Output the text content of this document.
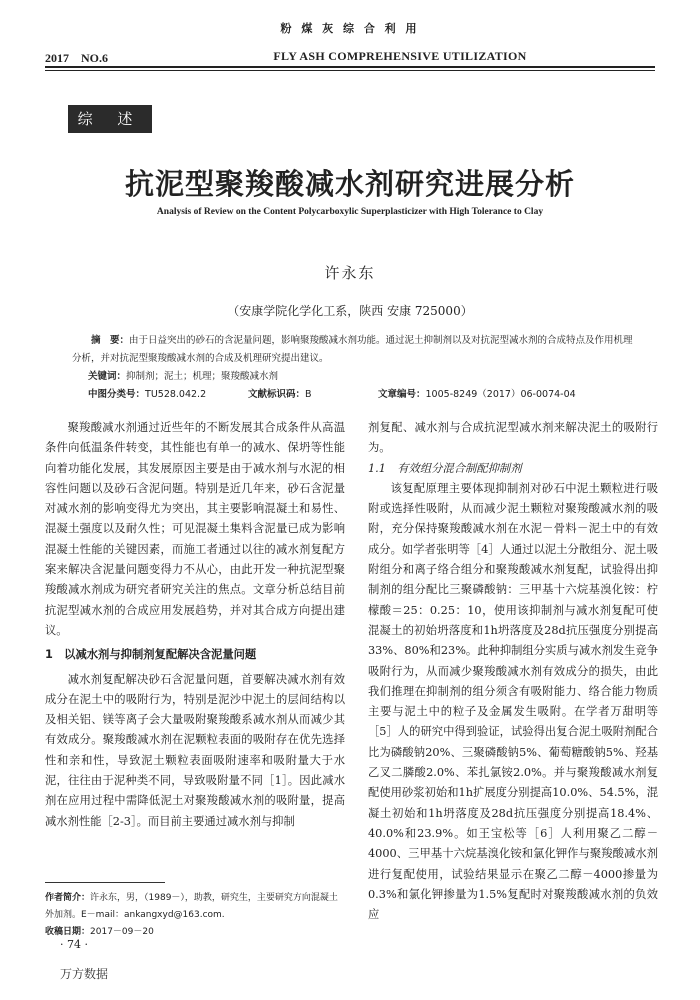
粉 煤 灰 综 合 利 用
2017　NO.6	FLY ASH COMPREHENSIVE UTILIZATION
综 述
抗泥型聚羧酸减水剂研究进展分析
Analysis of Review on the Content Polycarboxylic Superplasticizer with High Tolerance to Clay
许永东
（安康学院化学化工系，陕西 安康 725000）
摘　要：由于日益突出的砂石的含泥量问题，影响聚羧酸减水剂功能。通过泥土抑制剂以及对抗泥型减水剂的合成特点及作用机理分析，并对抗泥型聚羧酸减水剂的合成及机理研究提出建议。
关键词：抑制剂；泥土；机理；聚羧酸减水剂
中图分类号：TU528.042.2	文献标识码：B	文章编号：1005-8249（2017）06-0074-04

聚羧酸减水剂通过近些年的不断发展其合成条件从高温条件向低温条件转变，其性能也有单一的减水、保坍等性能向着功能化发展，其发展原因主要是由于减水剂与水泥的相容性问题以及砂石含泥问题。特别是近几年来，砂石含泥量对减水剂的影响变得尤为突出，其主要影响混凝土和易性、混凝土强度以及耐久性；可见混凝土集料含泥量已成为影响混凝土性能的关键因素，而施工者通过以往的减水剂复配方案来解决含泥量问题变得力不从心，由此开发一种抗泥型聚羧酸减水剂成为研究者研究关注的焦点。文章分析总结目前抗泥型减水剂的合成应用发展趋势，并对其合成方向提出建议。

1　以减水剂与抑制剂复配解决含泥量问题

减水剂复配解决砂石含泥量问题，首要解决减水剂有效成分在泥土中的吸附行为，特别是泥沙中泥土的层间结构以及相关铝、镁等离子会大量吸附聚羧酸系减水剂从而减少其有效成分。聚羧酸减水剂在泥颗粒表面的吸附存在优先选择性和亲和性，导致泥土颗粒表面吸附速率和吸附量大于水泥，往往由于泥种类不同，导致吸附量不同［1］。因此减水剂在应用过程中需降低泥土对聚羧酸减水剂的吸附量，提高减水剂性能［2-3］。而目前主要通过减水剂与抑制

剂复配、减水剂与合成抗泥型减水剂来解决泥土的吸附行为。

1.1　有效组分混合制配抑制剂

该复配原理主要体现抑制剂对砂石中泥土颗粒进行吸附或选择性吸附，从而减少泥土颗粒对聚羧酸减水剂的吸附，充分保持聚羧酸减水剂在水泥－骨料－泥土中的有效成分。如学者张明等［4］人通过以泥土分散组分、泥土吸附组分和离子络合组分和聚羧酸减水剂复配，试验得出抑制剂的组分配比三聚磷酸钠：三甲基十六烷基溴化铵：柠檬酸＝25：0.25：10，使用该抑制剂与减水剂复配可使混凝土的初始坍落度和1h坍落度及28d抗压强度分别提高33%、80%和23%。此种抑制组分实质与减水剂发生竞争吸附行为，从而减少聚羧酸减水剂有效成分的损失，由此我们推理在抑制剂的组分须含有吸附能力、络合能力物质主要与泥土中的粒子及金属发生吸附。在学者万甜明等［5］人的研究中得到验证，试验得出复合泥土吸附剂配合比为磷酸钠20%、三聚磷酸钠5%、葡萄糖酸钠5%、羟基乙叉二膦酸2.0%、苯扎氯铵2.0%。并与聚羧酸减水剂复配使用砂浆初始和1h扩展度分别提高10.0%、54.5%，混凝土初始和1h坍落度及28d抗压强度分别提高18.4%、40.0%和23.9%。如王宝松等［6］人利用聚乙二醇－4000、三甲基十六烷基溴化铵和氯化钾作与聚羧酸减水剂进行复配使用，试验结果显示在聚乙二醇－4000掺量为0.3%和氯化钾掺量为1.5%复配时对聚羧酸减水剂的负效应

作者简介：许永东，男，（1989－），助教，研究生，主要研究方向混凝土外加剂。E－mail：ankangxyd@163.com.
收稿日期：2017－09－20
· 74 ·
万方数据
